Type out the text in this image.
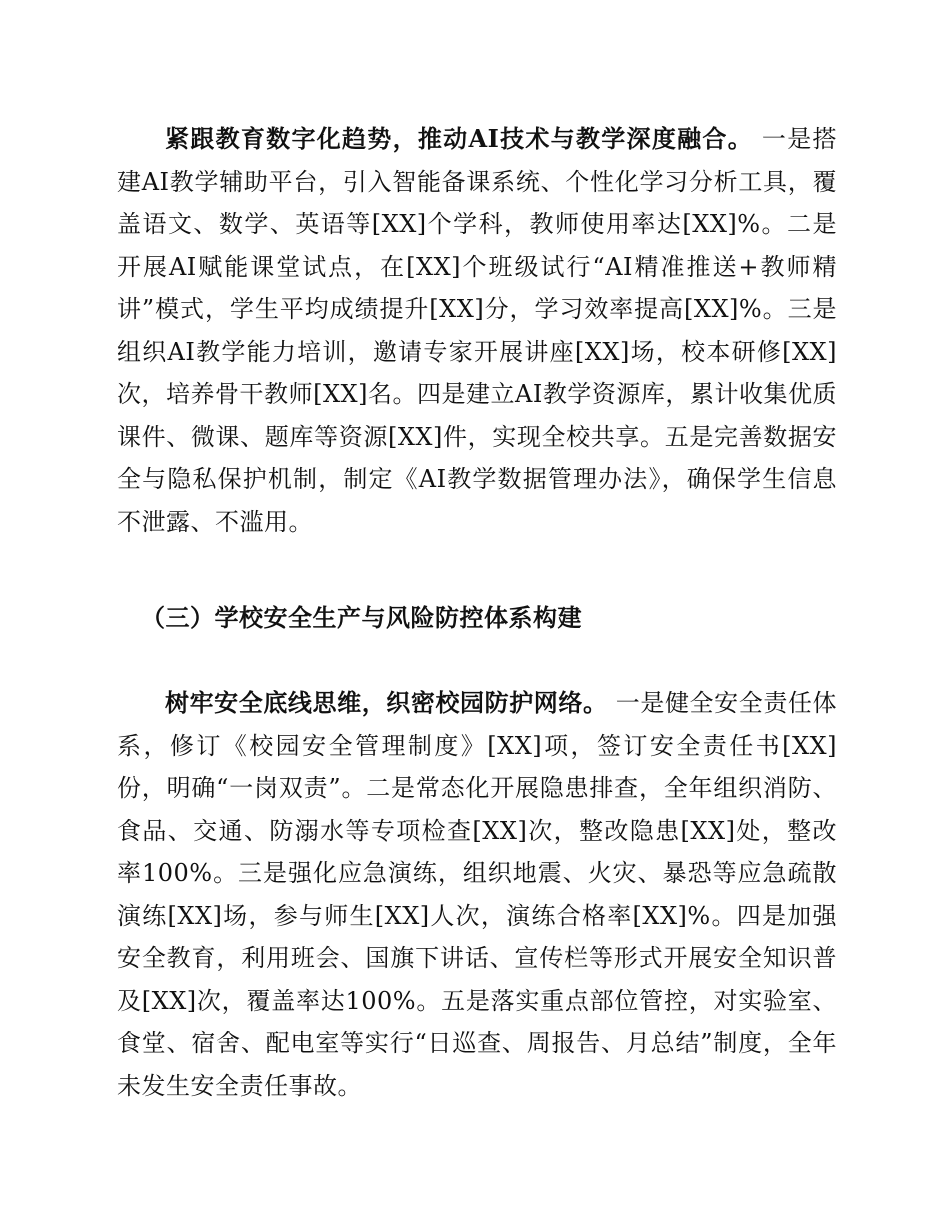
紧跟教育数字化趋势，推动AI技术与教学深度融合。 一是搭建AI教学辅助平台，引入智能备课系统、个性化学习分析工具，覆盖语文、数学、英语等[XX]个学科，教师使用率达[XX]%。二是开展AI赋能课堂试点，在[XX]个班级试行“AI精准推送+教师精讲”模式，学生平均成绩提升[XX]分，学习效率提高[XX]%。三是组织AI教学能力培训，邀请专家开展讲座[XX]场，校本研修[XX]次，培养骨干教师[XX]名。四是建立AI教学资源库，累计收集优质课件、微课、题库等资源[XX]件，实现全校共享。五是完善数据安全与隐私保护机制，制定《AI教学数据管理办法》，确保学生信息不泄露、不滥用。

（三）学校安全生产与风险防控体系构建

树牢安全底线思维，织密校园防护网络。 一是健全安全责任体系，修订《校园安全管理制度》[XX]项，签订安全责任书[XX]份，明确“一岗双责”。二是常态化开展隐患排查，全年组织消防、食品、交通、防溺水等专项检查[XX]次，整改隐患[XX]处，整改率100%。三是强化应急演练，组织地震、火灾、暴恐等应急疏散演练[XX]场，参与师生[XX]人次，演练合格率[XX]%。四是加强安全教育，利用班会、国旗下讲话、宣传栏等形式开展安全知识普及[XX]次，覆盖率达100%。五是落实重点部位管控，对实验室、食堂、宿舍、配电室等实行“日巡查、周报告、月总结”制度，全年未发生安全责任事故。
